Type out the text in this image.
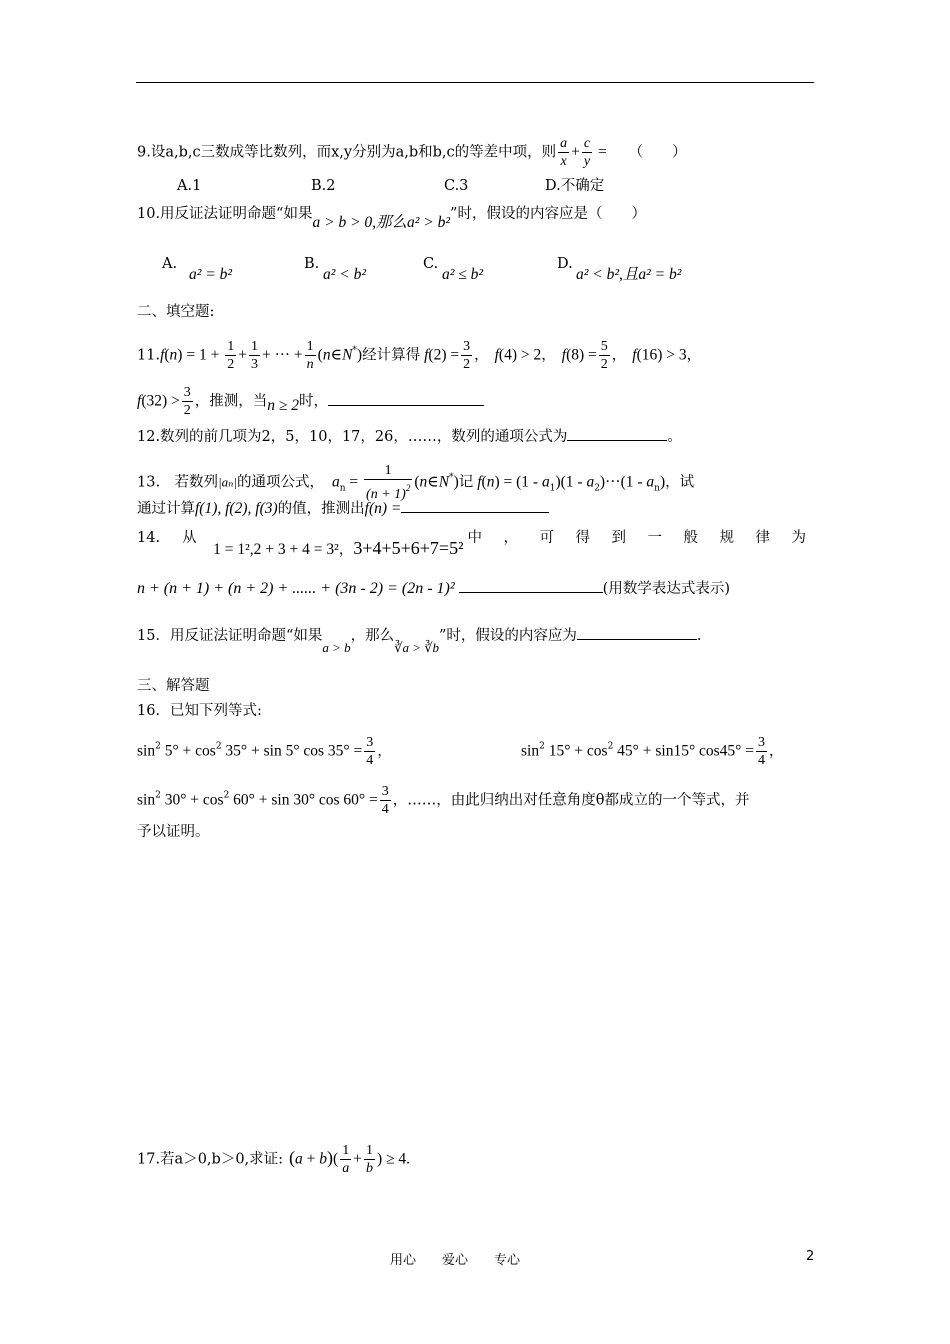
9.设a,b,c三数成等比数列，而x,y分别为a,b和b,c的等差中项，则 $\frac{a}{x} + \frac{c}{y}$ = （　　）
A.1	B.2	C.3	D.不确定
10.用反证法证明命题“如果a > b > 0,那么a² > b²”时，假设的内容应是（　　）
A.
a² = b²
B.
a² < b²
C.
a² ≤ b²
D.
a² < b²,且a² = b²
二、填空题:
$11.f(n) = 1 + \frac{1}{2} + \frac{1}{3}$ + ··· + $\frac{1}{n}$ (n∈N*)经计算得 $f(2) = \frac{3}{2}$ ， f(4) > 2， $f(8) = \frac{5}{2}$ ， f(16) > 3，
$f(32) > \frac{3}{2}$ ，推测，当n ≥ 2时，
12.数列的前几项为2，5，10，17，26，……，数列的通项公式为	。
13.　若数列|aₙ|的通项公式， $a_n = \frac{1}{(n + 1)^2}$ (n∈N*)记 $f(n) = (1 - a_1)(1 - a_2)\cdot\cdot\cdot(1 - a_n)$，试
通过计算f(1), f(2), f(3)的值，推测出f(n) =
14. 从 1 = 1²,2 + 3 + 4 = 3²，3+4+5+6+7=5² 中，可得到一般规律为
n + (n + 1) + (n + 2) + ...... + (3n - 2) = (2n - 1)²	(用数学表达式表示)
15．用反证法证明命题“如果a > b，那么∛a > ∛b”时，假设的内容应为	.
三、解答题
16．已知下列等式:
$\sin^2 5^\circ + \cos^2 35^\circ + \sin 5^\circ$ $\cos 35^\circ = \frac{3}{4}$ ，	$\sin^2 15^\circ + \cos^2 45^\circ + \sin 15^\circ$ $\cos 45^\circ = \frac{3}{4}$ ，
$\sin^2 30^\circ + \cos^2 60^\circ + \sin 30^\circ$ $\cos 60^\circ = \frac{3}{4}$ ，……，由此归纳出对任意角度θ都成立的一个等式，并
予以证明。
17.若a＞0,b＞0,求证: $(a + b)( \frac{1}{a} + \frac{1}{b}$ ) ≥ 4.
用心　　爱心　　专心	2
